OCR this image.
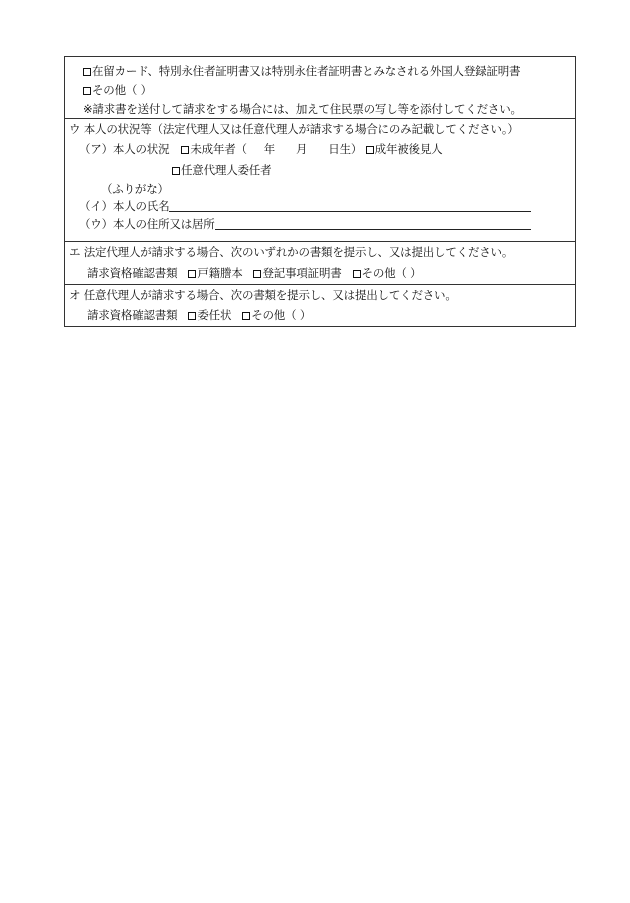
在留カード、特別永住者証明書又は特別永住者証明書とみなされる外国人登録証明書
その他（ ）
※請求書を送付して請求をする場合には、加えて住民票の写し等を添付してください。
ウ 本人の状況等（法定代理人又は任意代理人が請求する場合にのみ記載してください。）
（ア）本人の状況 未成年者（ 年 月 日生） 成年被後見人
任意代理人委任者
（ふりがな）
（イ）本人の氏名
（ウ）本人の住所又は居所
エ 法定代理人が請求する場合、次のいずれかの書類を提示し、又は提出してください。
請求資格確認書類 戸籍謄本 登記事項証明書 その他（ ）
オ 任意代理人が請求する場合、次の書類を提示し、又は提出してください。
請求資格確認書類 委任状 その他（ ）
